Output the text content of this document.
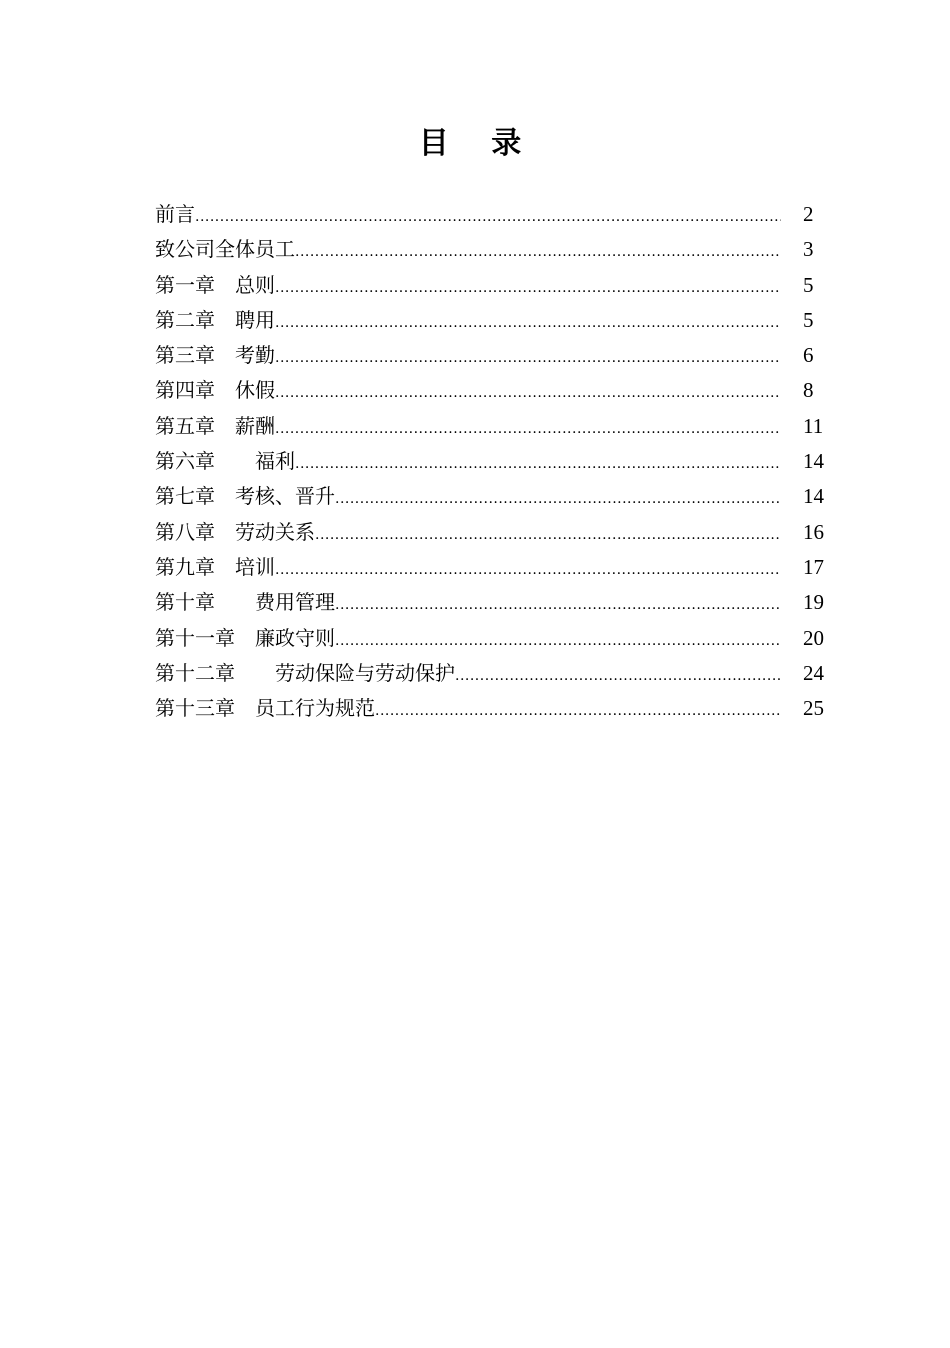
目 录
前言 .....	2
致公司全体员工 .....	3
第一章　总则 .....	5
第二章　聘用 .....	5
第三章　考勤 .....	6
第四章　休假 .....	8
第五章　薪酬 .....	11
第六章　　福利 .....	14
第七章　考核、晋升 .....	14
第八章　劳动关系 .....	16
第九章　培训 .....	17
第十章　　费用管理 .....	19
第十一章　廉政守则 .....	20
第十二章　　劳动保险与劳动保护 .....	24
第十三章　员工行为规范 .....	25
